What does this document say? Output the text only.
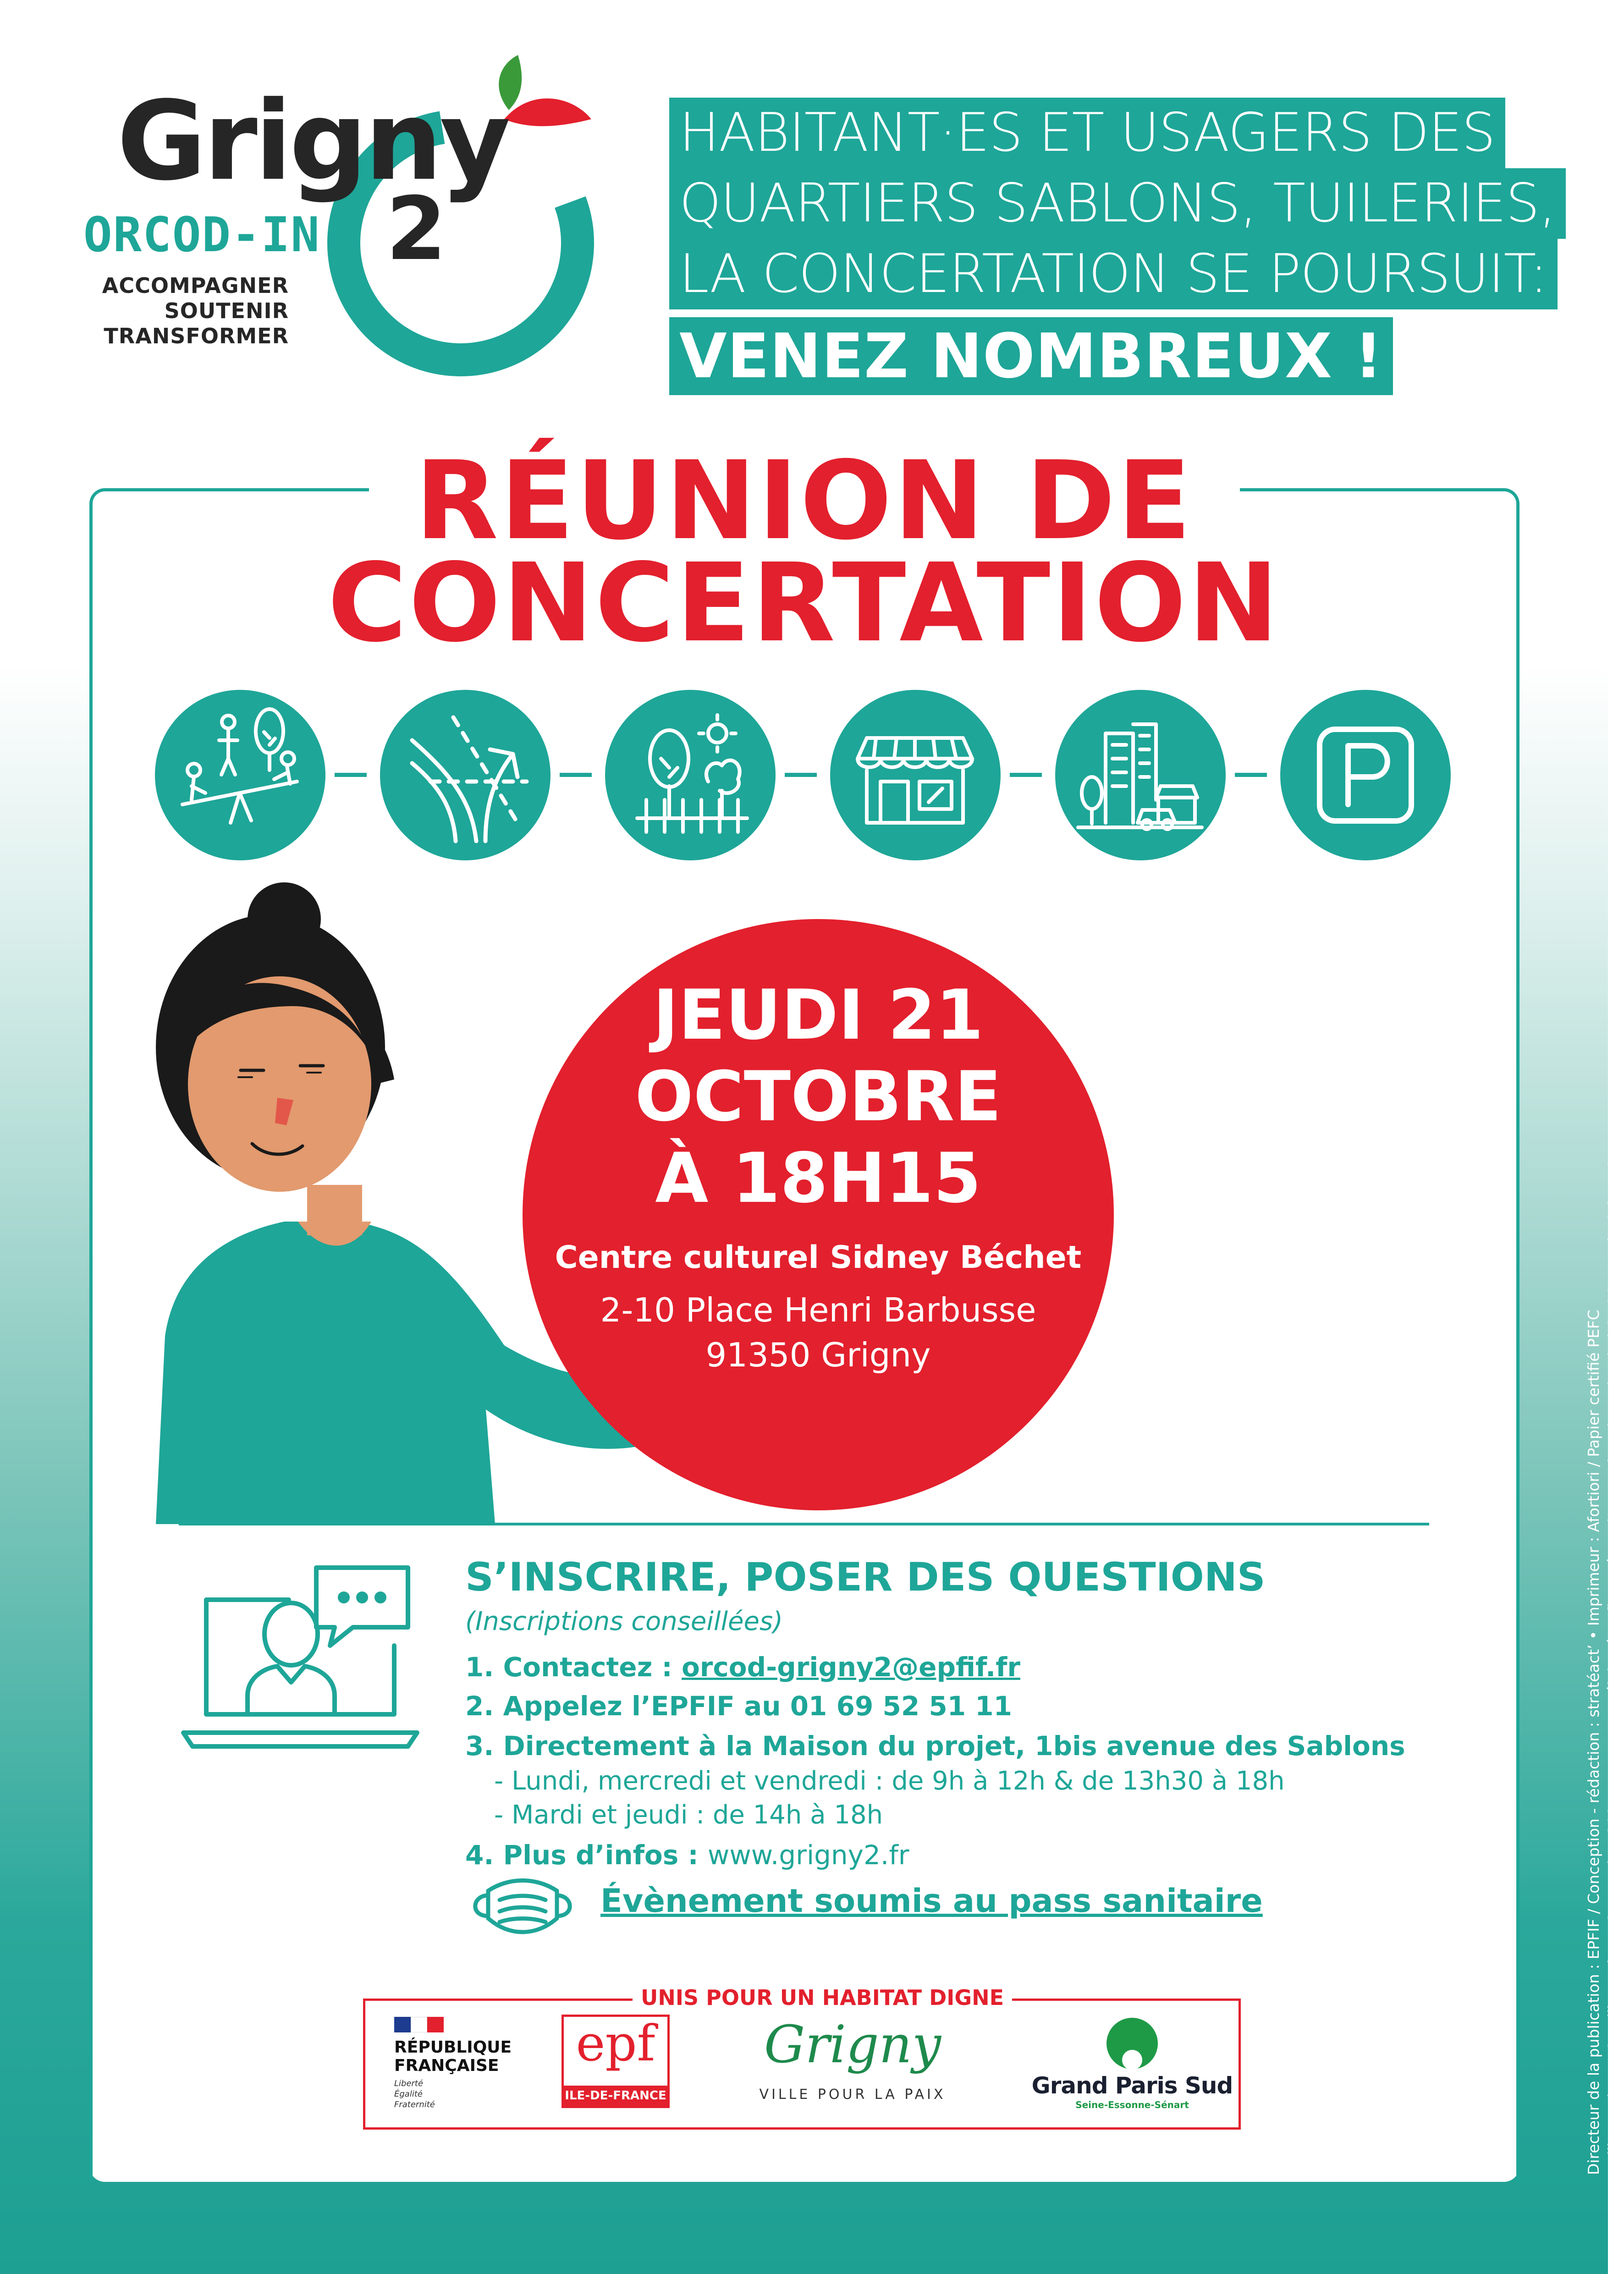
Grigny
2
ORCOD-IN
ACCOMPAGNER
SOUTENIR
TRANSFORMER
HABITANT·ES ET USAGERS DES
QUARTIERS SABLONS, TUILERIES,
LA CONCERTATION SE POURSUIT:
VENEZ NOMBREUX !
RÉUNION DE
CONCERTATION
JEUDI 21
OCTOBRE
À 18H15
Centre culturel Sidney Béchet
2-10 Place Henri Barbusse
91350 Grigny
S’INSCRIRE, POSER DES QUESTIONS
(Inscriptions conseillées)
1. Contactez : orcod-grigny2@epfif.fr
2. Appelez l’EPFIF au 01 69 52 51 11
3. Directement à la Maison du projet, 1bis avenue des Sablons
- Lundi, mercredi et vendredi : de 9h à 12h & de 13h30 à 18h
- Mardi et jeudi : de 14h à 18h
4. Plus d’infos : www.grigny2.fr
Évènement soumis au pass sanitaire
UNIS POUR UN HABITAT DIGNE
RÉPUBLIQUE
FRANÇAISE
Liberté
Égalité
Fraternité
epf
ILE-DE-FRANCE
Grigny
VILLE POUR LA PAIX	Grand Paris Sud
Seine-Essonne-Sénart	Directeur de la publication : EPFIF / Conception - rédaction : stratéact’ • Imprimeur : Afortiori / Papier certifié PEFC © illustrations : Camille Leplay • Septembre 2021 • Document élaboré et financé par l’EPFIF dans le cadre de l’ORCOD-IN de Grigny 2
